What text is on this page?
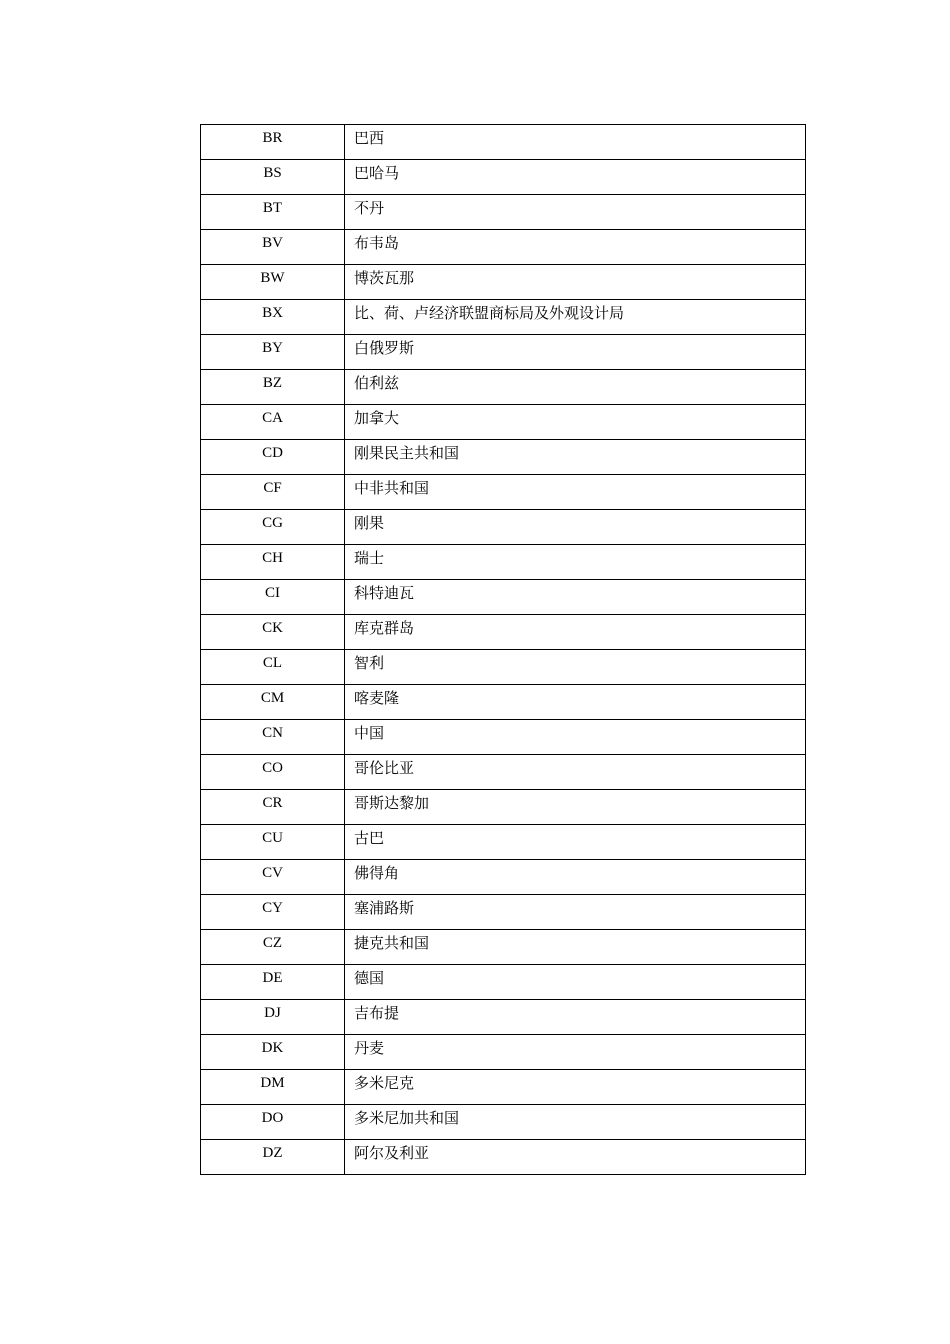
BR	巴西
BS	巴哈马
BT	不丹
BV	布韦岛
BW	博茨瓦那
BX	比、荷、卢经济联盟商标局及外观设计局
BY	白俄罗斯
BZ	伯利兹
CA	加拿大
CD	刚果民主共和国
CF	中非共和国
CG	刚果
CH	瑞士
CI	科特迪瓦
CK	库克群岛
CL	智利
CM	喀麦隆
CN	中国
CO	哥伦比亚
CR	哥斯达黎加
CU	古巴
CV	佛得角
CY	塞浦路斯
CZ	捷克共和国
DE	德国
DJ	吉布提
DK	丹麦
DM	多米尼克
DO	多米尼加共和国
DZ	阿尔及利亚
